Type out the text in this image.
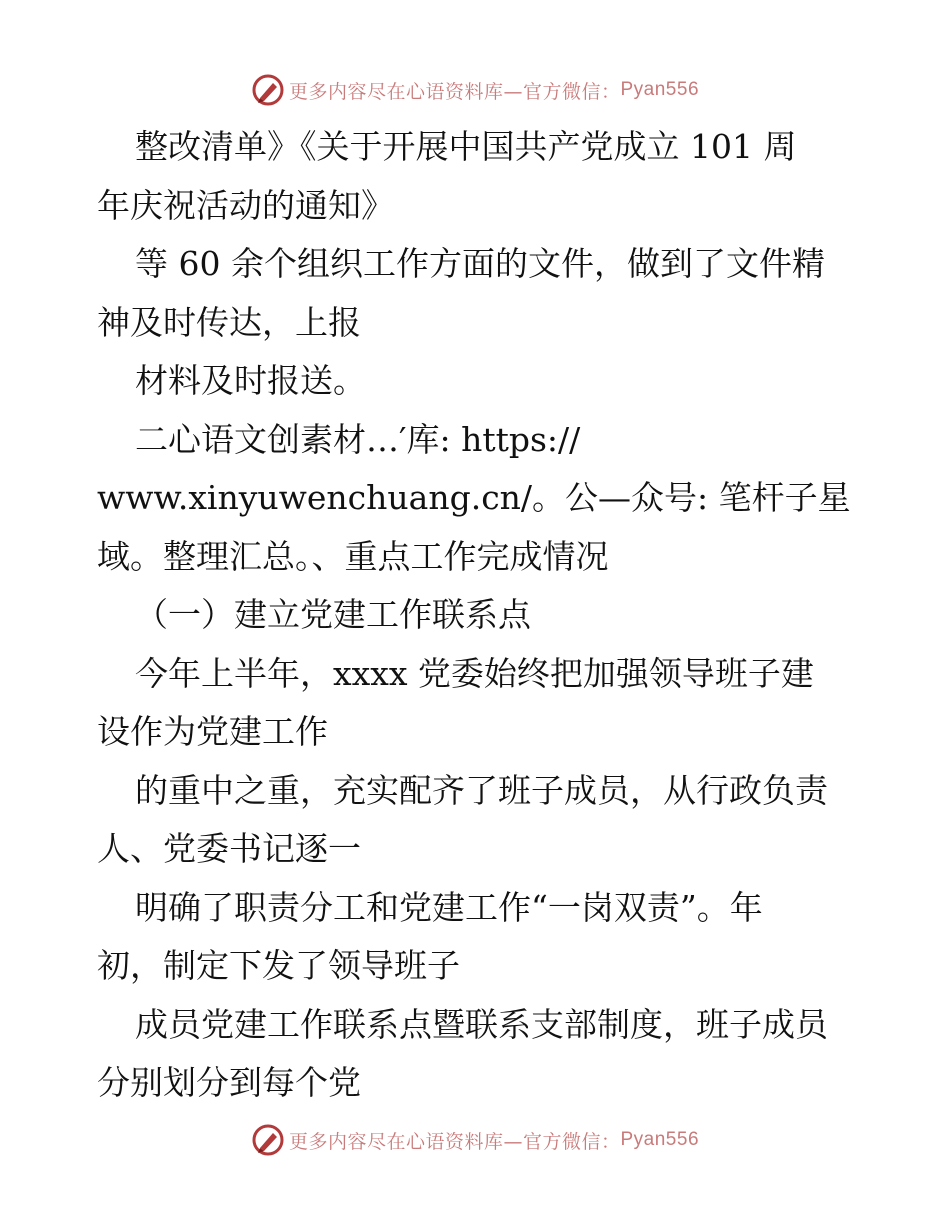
更多内容尽在心语资料库—官方微信： Pyan556
整改清单》《关于开展中国共产党成立 101 周
年庆祝活动的通知》
等 60 余个组织工作方面的文件，做到了文件精
神及时传达，上报
材料及时报送。
二心语文创素材…′库: https://
www.xinyuwenchuang.cn/。公—众号: 笔杆子星
域。整理汇总。、重点工作完成情况
（一）建立党建工作联系点
今年上半年，xxxx 党委始终把加强领导班子建
设作为党建工作
的重中之重，充实配齐了班子成员，从行政负责
人、党委书记逐一
明确了职责分工和党建工作“一岗双责”。年
初，制定下发了领导班子
成员党建工作联系点暨联系支部制度，班子成员
分别划分到每个党
更多内容尽在心语资料库—官方微信： Pyan556
